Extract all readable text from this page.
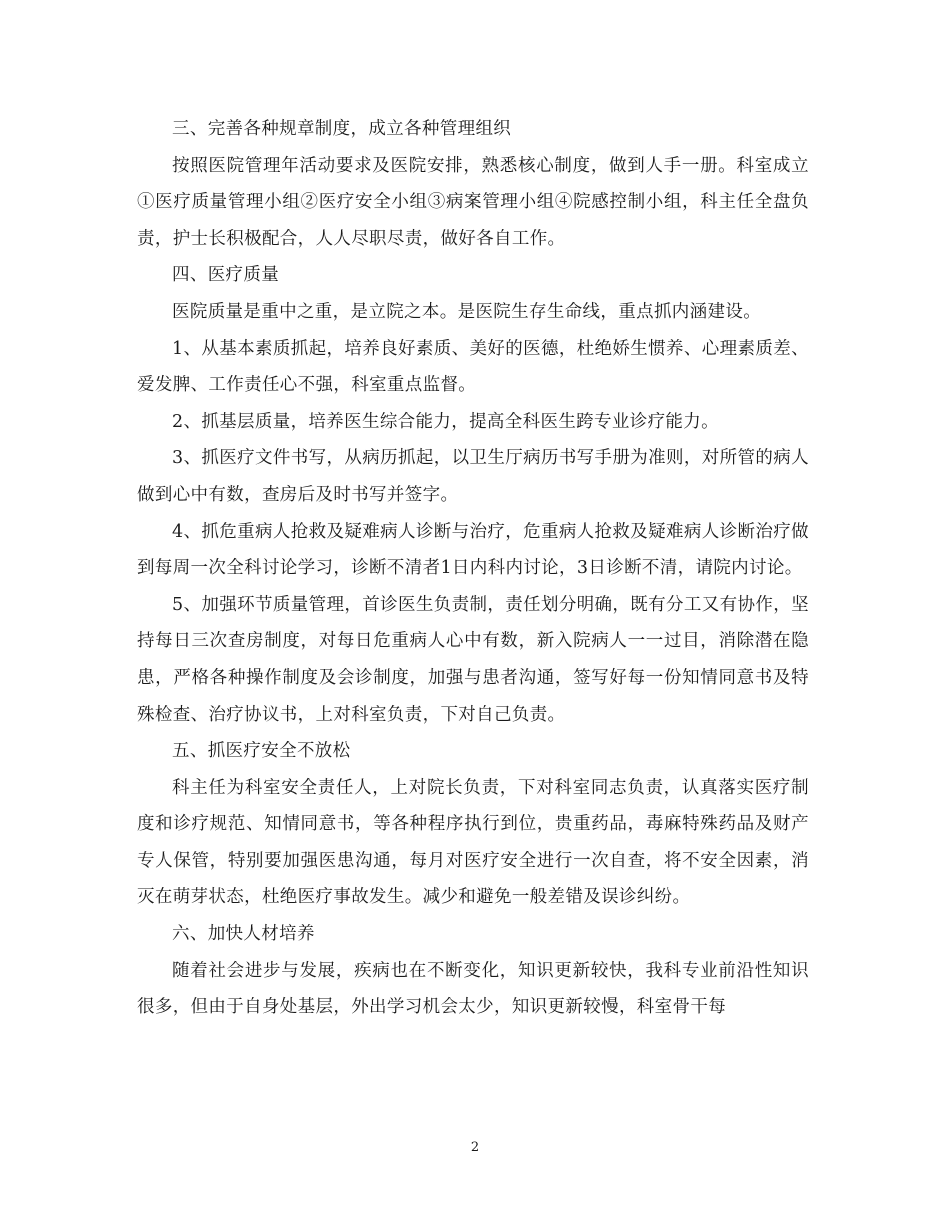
三、完善各种规章制度，成立各种管理组织

按照医院管理年活动要求及医院安排，熟悉核心制度，做到人手一册。科室成立①医疗质量管理小组②医疗安全小组③病案管理小组④院感控制小组，科主任全盘负责，护士长积极配合，人人尽职尽责，做好各自工作。

四、医疗质量

医院质量是重中之重，是立院之本。是医院生存生命线，重点抓内涵建设。

1、从基本素质抓起，培养良好素质、美好的医德，杜绝娇生惯养、心理素质差、爱发脾、工作责任心不强，科室重点监督。

2、抓基层质量，培养医生综合能力，提高全科医生跨专业诊疗能力。

3、抓医疗文件书写，从病历抓起，以卫生厅病历书写手册为准则，对所管的病人做到心中有数，查房后及时书写并签字。

4、抓危重病人抢救及疑难病人诊断与治疗，危重病人抢救及疑难病人诊断治疗做到每周一次全科讨论学习，诊断不清者1日内科内讨论，3日诊断不清，请院内讨论。

5、加强环节质量管理，首诊医生负责制，责任划分明确，既有分工又有协作，坚持每日三次查房制度，对每日危重病人心中有数，新入院病人一一过目，消除潜在隐患，严格各种操作制度及会诊制度，加强与患者沟通，签写好每一份知情同意书及特殊检查、治疗协议书，上对科室负责，下对自己负责。

五、抓医疗安全不放松

科主任为科室安全责任人，上对院长负责，下对科室同志负责，认真落实医疗制度和诊疗规范、知情同意书，等各种程序执行到位，贵重药品，毒麻特殊药品及财产专人保管，特别要加强医患沟通，每月对医疗安全进行一次自查，将不安全因素，消灭在萌芽状态，杜绝医疗事故发生。减少和避免一般差错及误诊纠纷。

六、加快人材培养

随着社会进步与发展，疾病也在不断变化，知识更新较快，我科专业前沿性知识很多，但由于自身处基层，外出学习机会太少，知识更新较慢，科室骨干每

2
